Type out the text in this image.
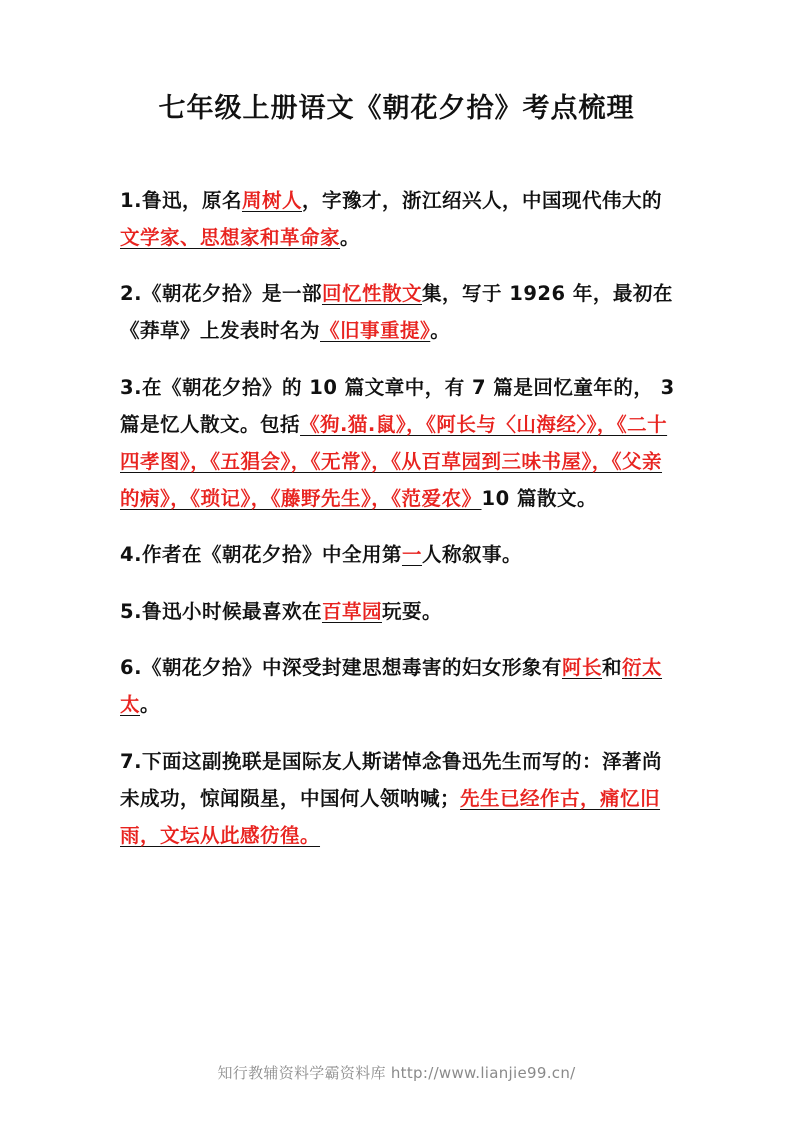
七年级上册语文《朝花夕拾》考点梳理

1.鲁迅，原名周树人，字豫才，浙江绍兴人，中国现代伟大的文学家、思想家和革命家。

2.《朝花夕拾》是一部回忆性散文集，写于 1926 年，最初在《莽草》上发表时名为《旧事重提》。

3.在《朝花夕拾》的 10 篇文章中，有 7 篇是回忆童年的， 3 篇是忆人散文。包括《狗.猫.鼠》，《阿长与〈山海经〉》，《二十四孝图》，《五猖会》，《无常》，《从百草园到三味书屋》，《父亲的病》，《琐记》，《藤野先生》，《范爱农》10 篇散文。

4.作者在《朝花夕拾》中全用第一人称叙事。

5.鲁迅小时候最喜欢在百草园玩耍。

6.《朝花夕拾》中深受封建思想毒害的妇女形象有阿长和衍太太。

7.下面这副挽联是国际友人斯诺悼念鲁迅先生而写的：泽著尚未成功，惊闻陨星，中国何人领呐喊；先生已经作古，痛忆旧雨，文坛从此感彷徨。

知行教辅资料学霸资料库 http://www.lianjie99.cn/
